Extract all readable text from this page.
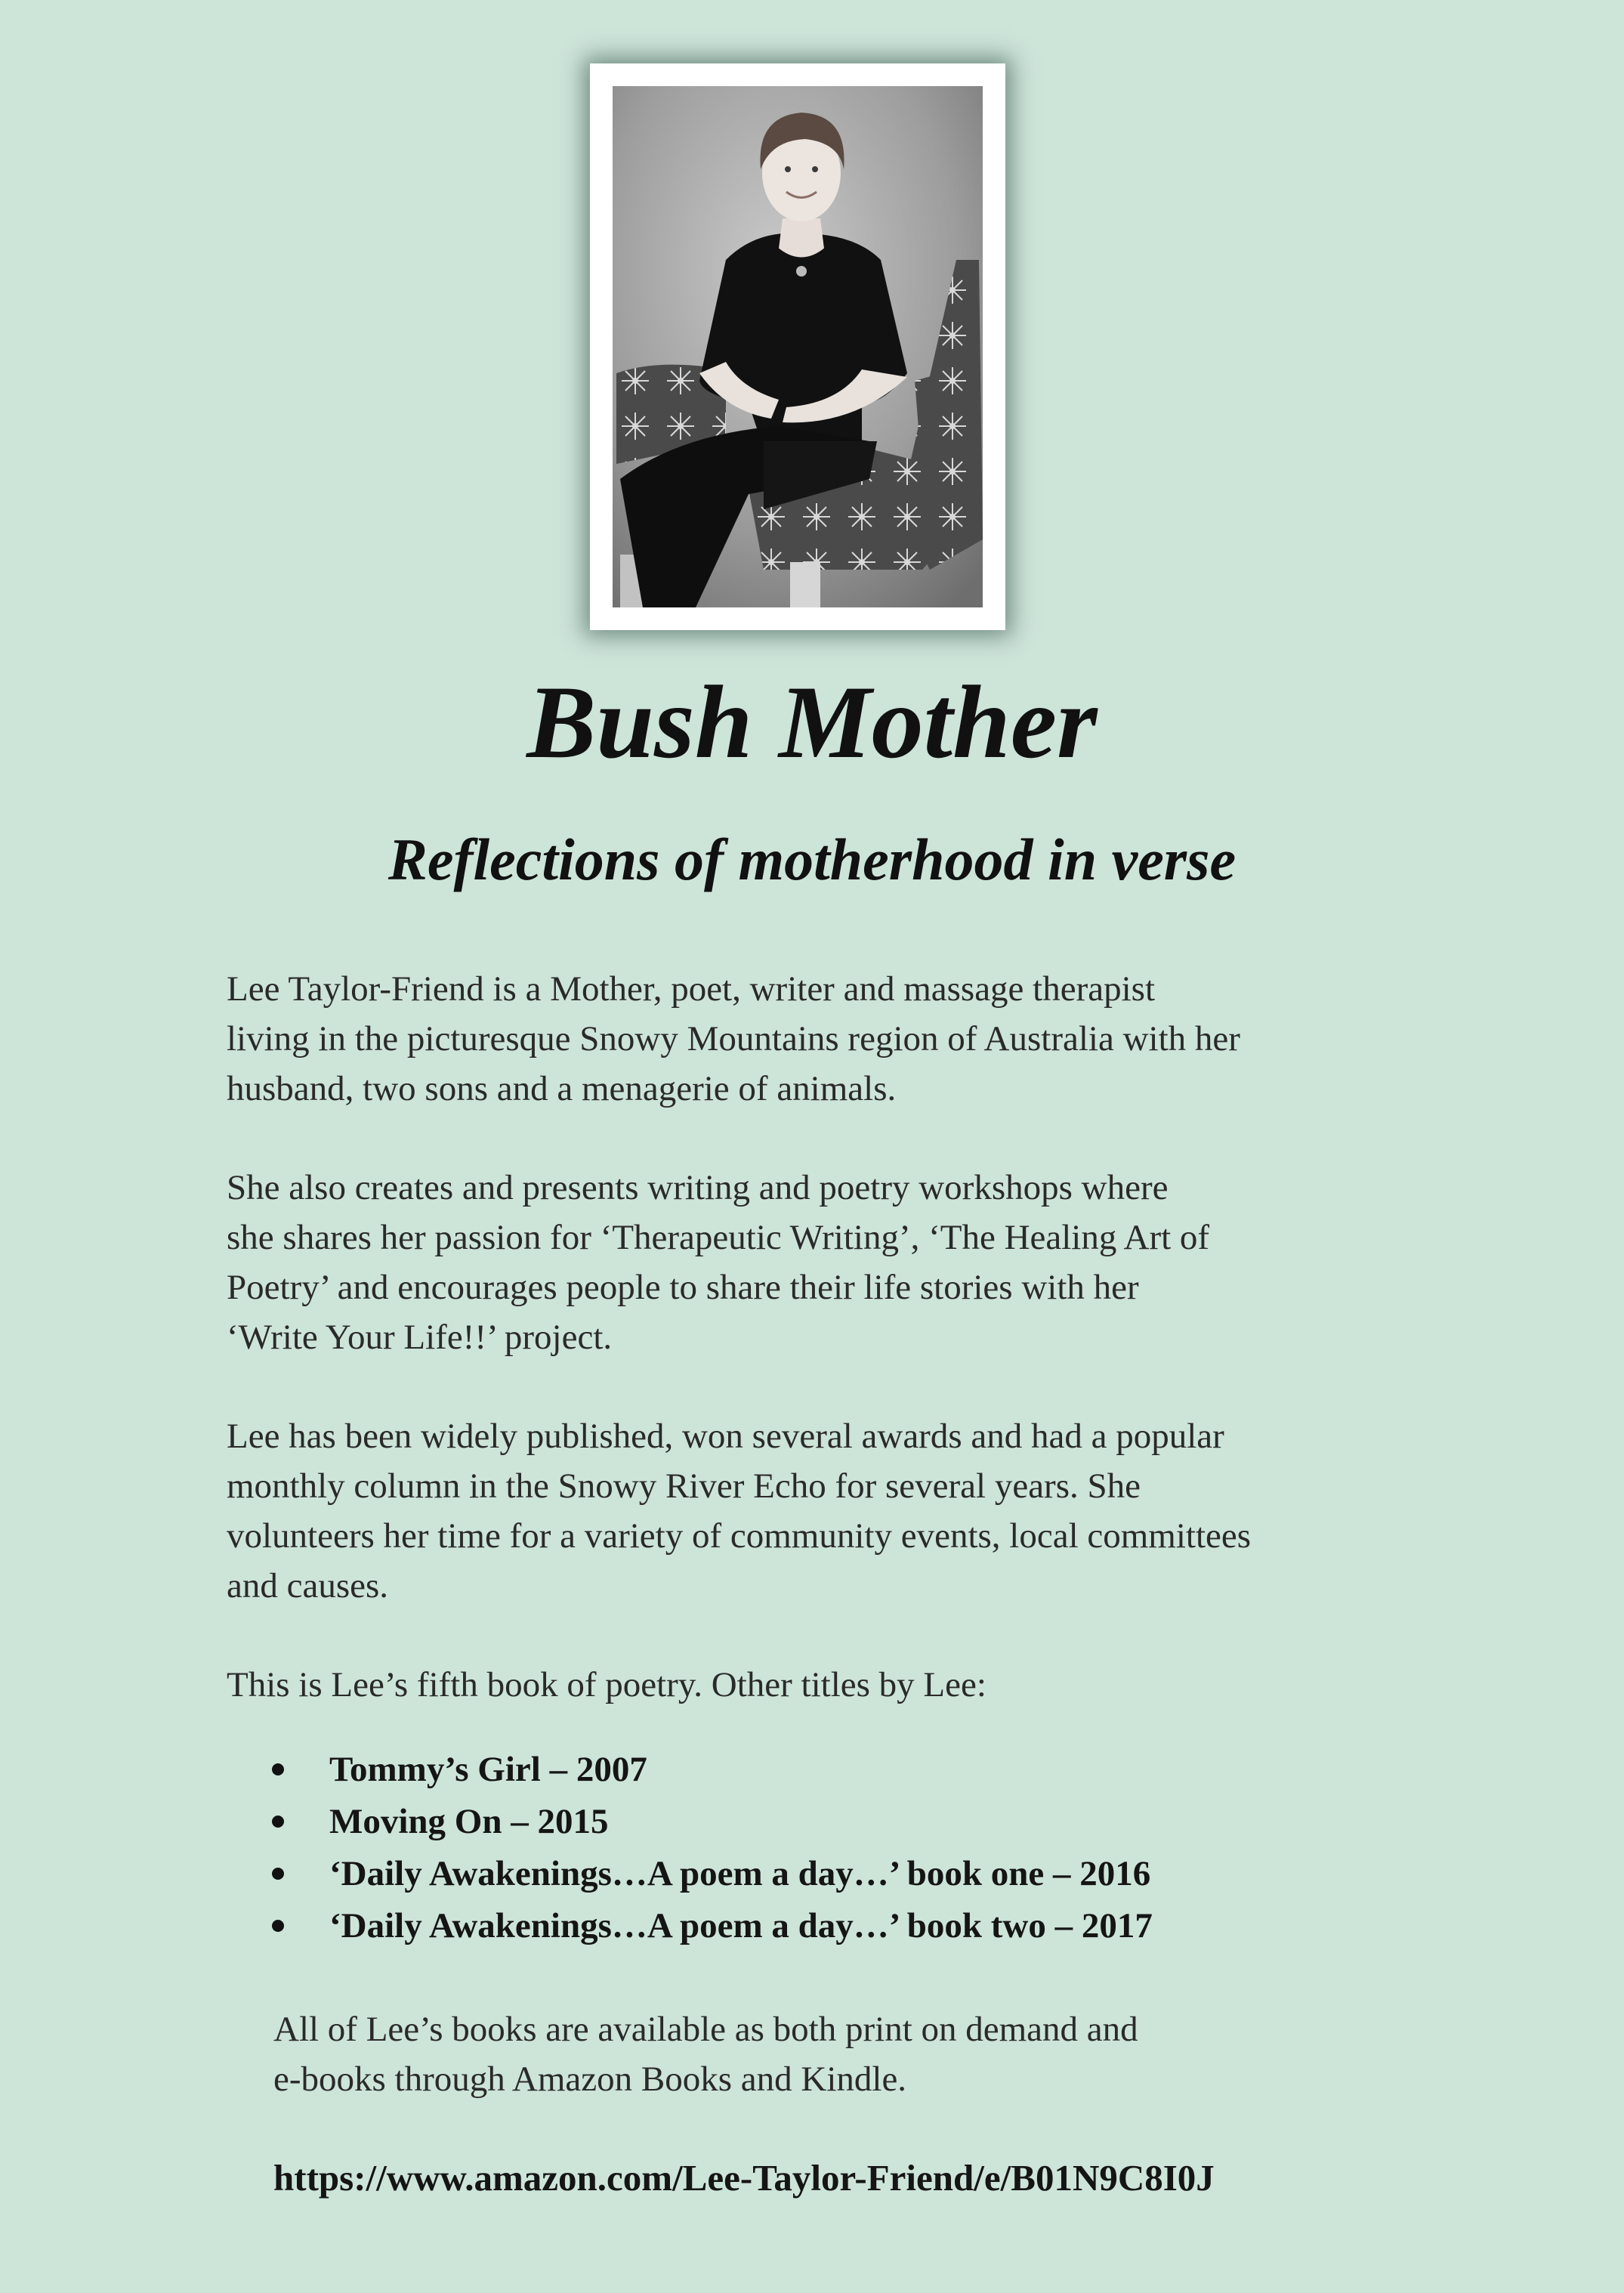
Bush Mother
Reflections of motherhood in verse

Lee Taylor-Friend is a Mother, poet, writer and massage therapist
living in the picturesque Snowy Mountains region of Australia with her
husband, two sons and a menagerie of animals.

She also creates and presents writing and poetry workshops where
she shares her passion for ‘Therapeutic Writing’, ‘The Healing Art of
Poetry’ and encourages people to share their life stories with her
‘Write Your Life!!’ project.

Lee has been widely published, won several awards and had a popular
monthly column in the Snowy River Echo for several years. She
volunteers her time for a variety of community events, local committees
and causes.

This is Lee’s fifth book of poetry. Other titles by Lee:

Tommy’s Girl – 2007
Moving On – 2015
‘Daily Awakenings…A poem a day…’ book one – 2016
‘Daily Awakenings…A poem a day…’ book two – 2017

All of Lee’s books are available as both print on demand and
e-books through Amazon Books and Kindle.

https://www.amazon.com/Lee-Taylor-Friend/e/B01N9C8I0J
